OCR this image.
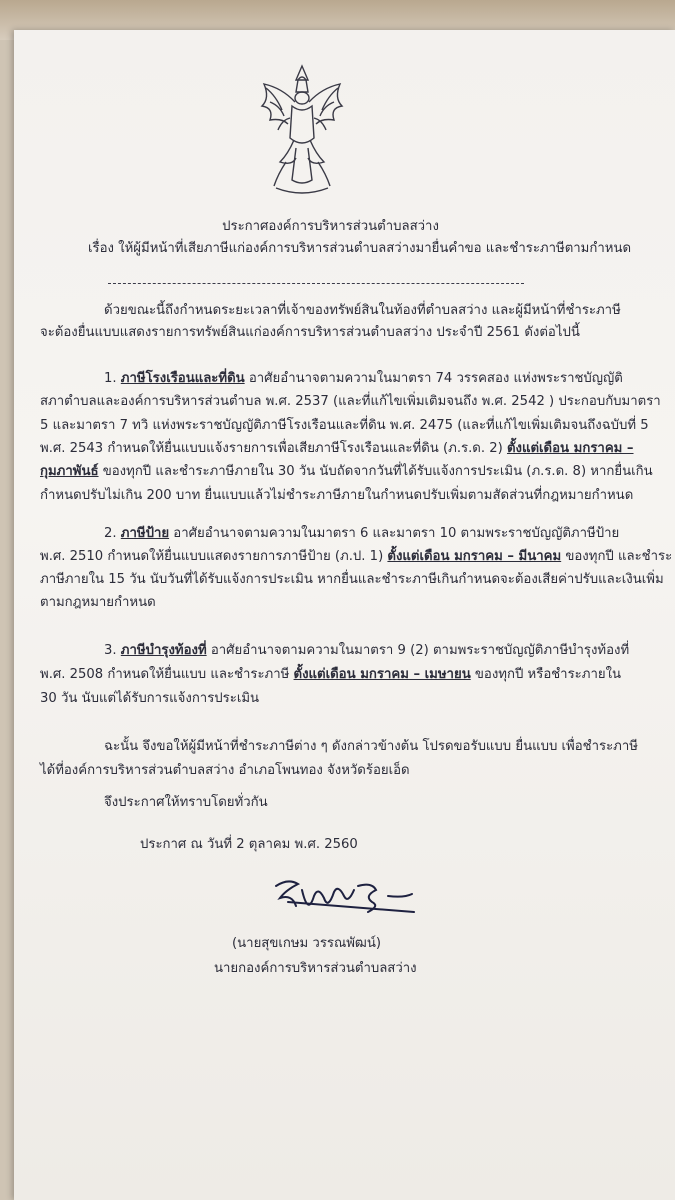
ประกาศองค์การบริหารส่วนตำบลสว่าง
เรื่อง ให้ผู้มีหน้าที่เสียภาษีแก่องค์การบริหารส่วนตำบลสว่างมายื่นคำขอ และชำระภาษีตามกำหนด
ด้วยขณะนี้ถึงกำหนดระยะเวลาที่เจ้าของทรัพย์สินในท้องที่ตำบลสว่าง และผู้มีหน้าที่ชำระภาษี
จะต้องยื่นแบบแสดงรายการทรัพย์สินแก่องค์การบริหารส่วนตำบลสว่าง ประจำปี 2561 ดังต่อไปนี้
1. ภาษีโรงเรือนและที่ดิน อาศัยอำนาจตามความในมาตรา 74 วรรคสอง แห่งพระราชบัญญัติ
สภาตำบลและองค์การบริหารส่วนตำบล พ.ศ. 2537 (และที่แก้ไขเพิ่มเติมจนถึง พ.ศ. 2542 ) ประกอบกับมาตรา
5 และมาตรา 7 ทวิ แห่งพระราชบัญญัติภาษีโรงเรือนและที่ดิน พ.ศ. 2475 (และที่แก้ไขเพิ่มเติมจนถึงฉบับที่ 5
พ.ศ. 2543 กำหนดให้ยื่นแบบแจ้งรายการเพื่อเสียภาษีโรงเรือนและที่ดิน (ภ.ร.ด. 2) ตั้งแต่เดือน มกราคม –
กุมภาพันธ์ ของทุกปี และชำระภาษีภายใน 30 วัน นับถัดจากวันที่ได้รับแจ้งการประเมิน (ภ.ร.ด. 8) หากยื่นเกิน
กำหนดปรับไม่เกิน 200 บาท ยื่นแบบแล้วไม่ชำระภาษีภายในกำหนดปรับเพิ่มตามสัดส่วนที่กฎหมายกำหนด
2. ภาษีป้าย อาศัยอำนาจตามความในมาตรา 6 และมาตรา 10 ตามพระราชบัญญัติภาษีป้าย
พ.ศ. 2510 กำหนดให้ยื่นแบบแสดงรายการภาษีป้าย (ภ.ป. 1) ตั้งแต่เดือน มกราคม – มีนาคม ของทุกปี และชำระ
ภาษีภายใน 15 วัน นับวันที่ได้รับแจ้งการประเมิน หากยื่นและชำระภาษีเกินกำหนดจะต้องเสียค่าปรับและเงินเพิ่ม
ตามกฎหมายกำหนด
3. ภาษีบำรุงท้องที่ อาศัยอำนาจตามความในมาตรา 9 (2) ตามพระราชบัญญัติภาษีบำรุงท้องที่
พ.ศ. 2508 กำหนดให้ยื่นแบบ และชำระภาษี ตั้งแต่เดือน มกราคม – เมษายน ของทุกปี หรือชำระภายใน
30 วัน นับแต่ได้รับการแจ้งการประเมิน
ฉะนั้น จึงขอให้ผู้มีหน้าที่ชำระภาษีต่าง ๆ ดังกล่าวข้างต้น โปรดขอรับแบบ ยื่นแบบ เพื่อชำระภาษี
ได้ที่องค์การบริหารส่วนตำบลสว่าง อำเภอโพนทอง จังหวัดร้อยเอ็ด
จึงประกาศให้ทราบโดยทั่วกัน
ประกาศ ณ วันที่ 2 ตุลาคม พ.ศ. 2560
(นายสุขเกษม วรรณพัฒน์)
นายกองค์การบริหารส่วนตำบลสว่าง
